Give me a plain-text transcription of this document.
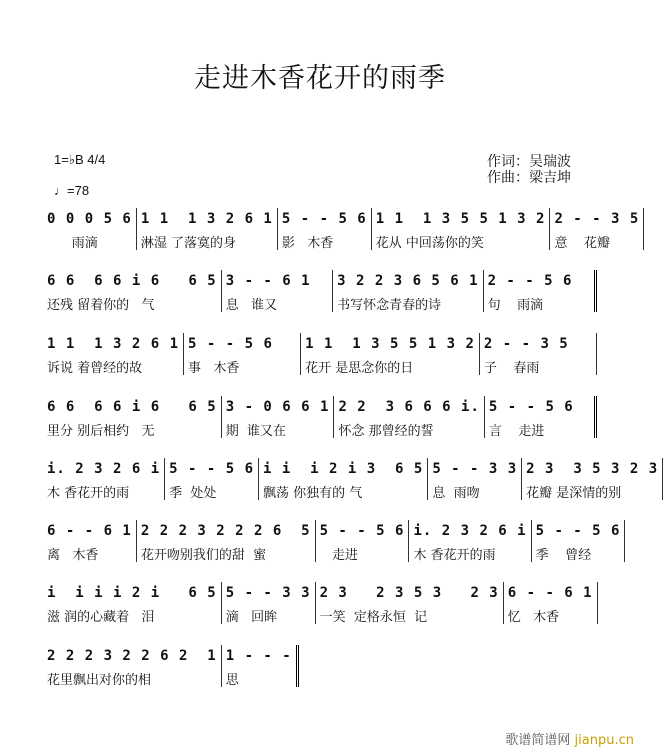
走进木香花开的雨季
1=♭B 4/4
♩=78
作词：吴瑞波
作曲：梁吉坤
0 0 0 5 6
雨滴
1 1  1 3 2 6 1
淋湿 了落寞的身
5 - - 5 6
影   木香
1 1  1 3 5 5 1 3 2
花从 中回荡你的笑
2 - - 3 5
意    花瓣
6 6  6 6 i 6   6 5
还残 留着你的   气
3 - - 6 1
息   谁又
3 2 2 3 6 5 6 1
书写怀念青春的诗
2 - - 5 6
句    雨滴
1 1  1 3 2 6 1
诉说 着曾经的故
5 - - 5 6
事   木香
1 1  1 3 5 5 1 3 2
花开 是思念你的日
2 - - 3 5
子    春雨
6 6  6 6 i 6   6 5
里分 别后相约   无
3 - 0 6 6 1
期  谁又在
2 2  3 6 6 6 i.
怀念 那曾经的誓
5 - - 5 6
言    走进
i. 2 3 2 6 i
木 香花开的雨
5 - - 5 6
季  处处
i i  i 2 i 3  6 5
飘荡 你独有的 气
5 - - 3 3
息  雨吻
2 3  3 5 3 2 3
花瓣 是深情的别
6 - - 6 1
离   木香
2 2 2 3 2 2 2 6  5
花开吻别我们的甜  蜜
5 - - 5 6
走进
i. 2 3 2 6 i
木 香花开的雨
5 - - 5 6
季    曾经
i  i i i 2 i   6 5
滋 润的心藏着   泪
5 - - 3 3
滴   回眸
2 3   2 3 5 3   2 3
一笑  定格永恒  记
6 - - 6 1
忆   木香
2 2 2 3 2 2 6 2  1
花里飘出对你的相
1 - - -
思
歌谱简谱网 jianpu.cn
